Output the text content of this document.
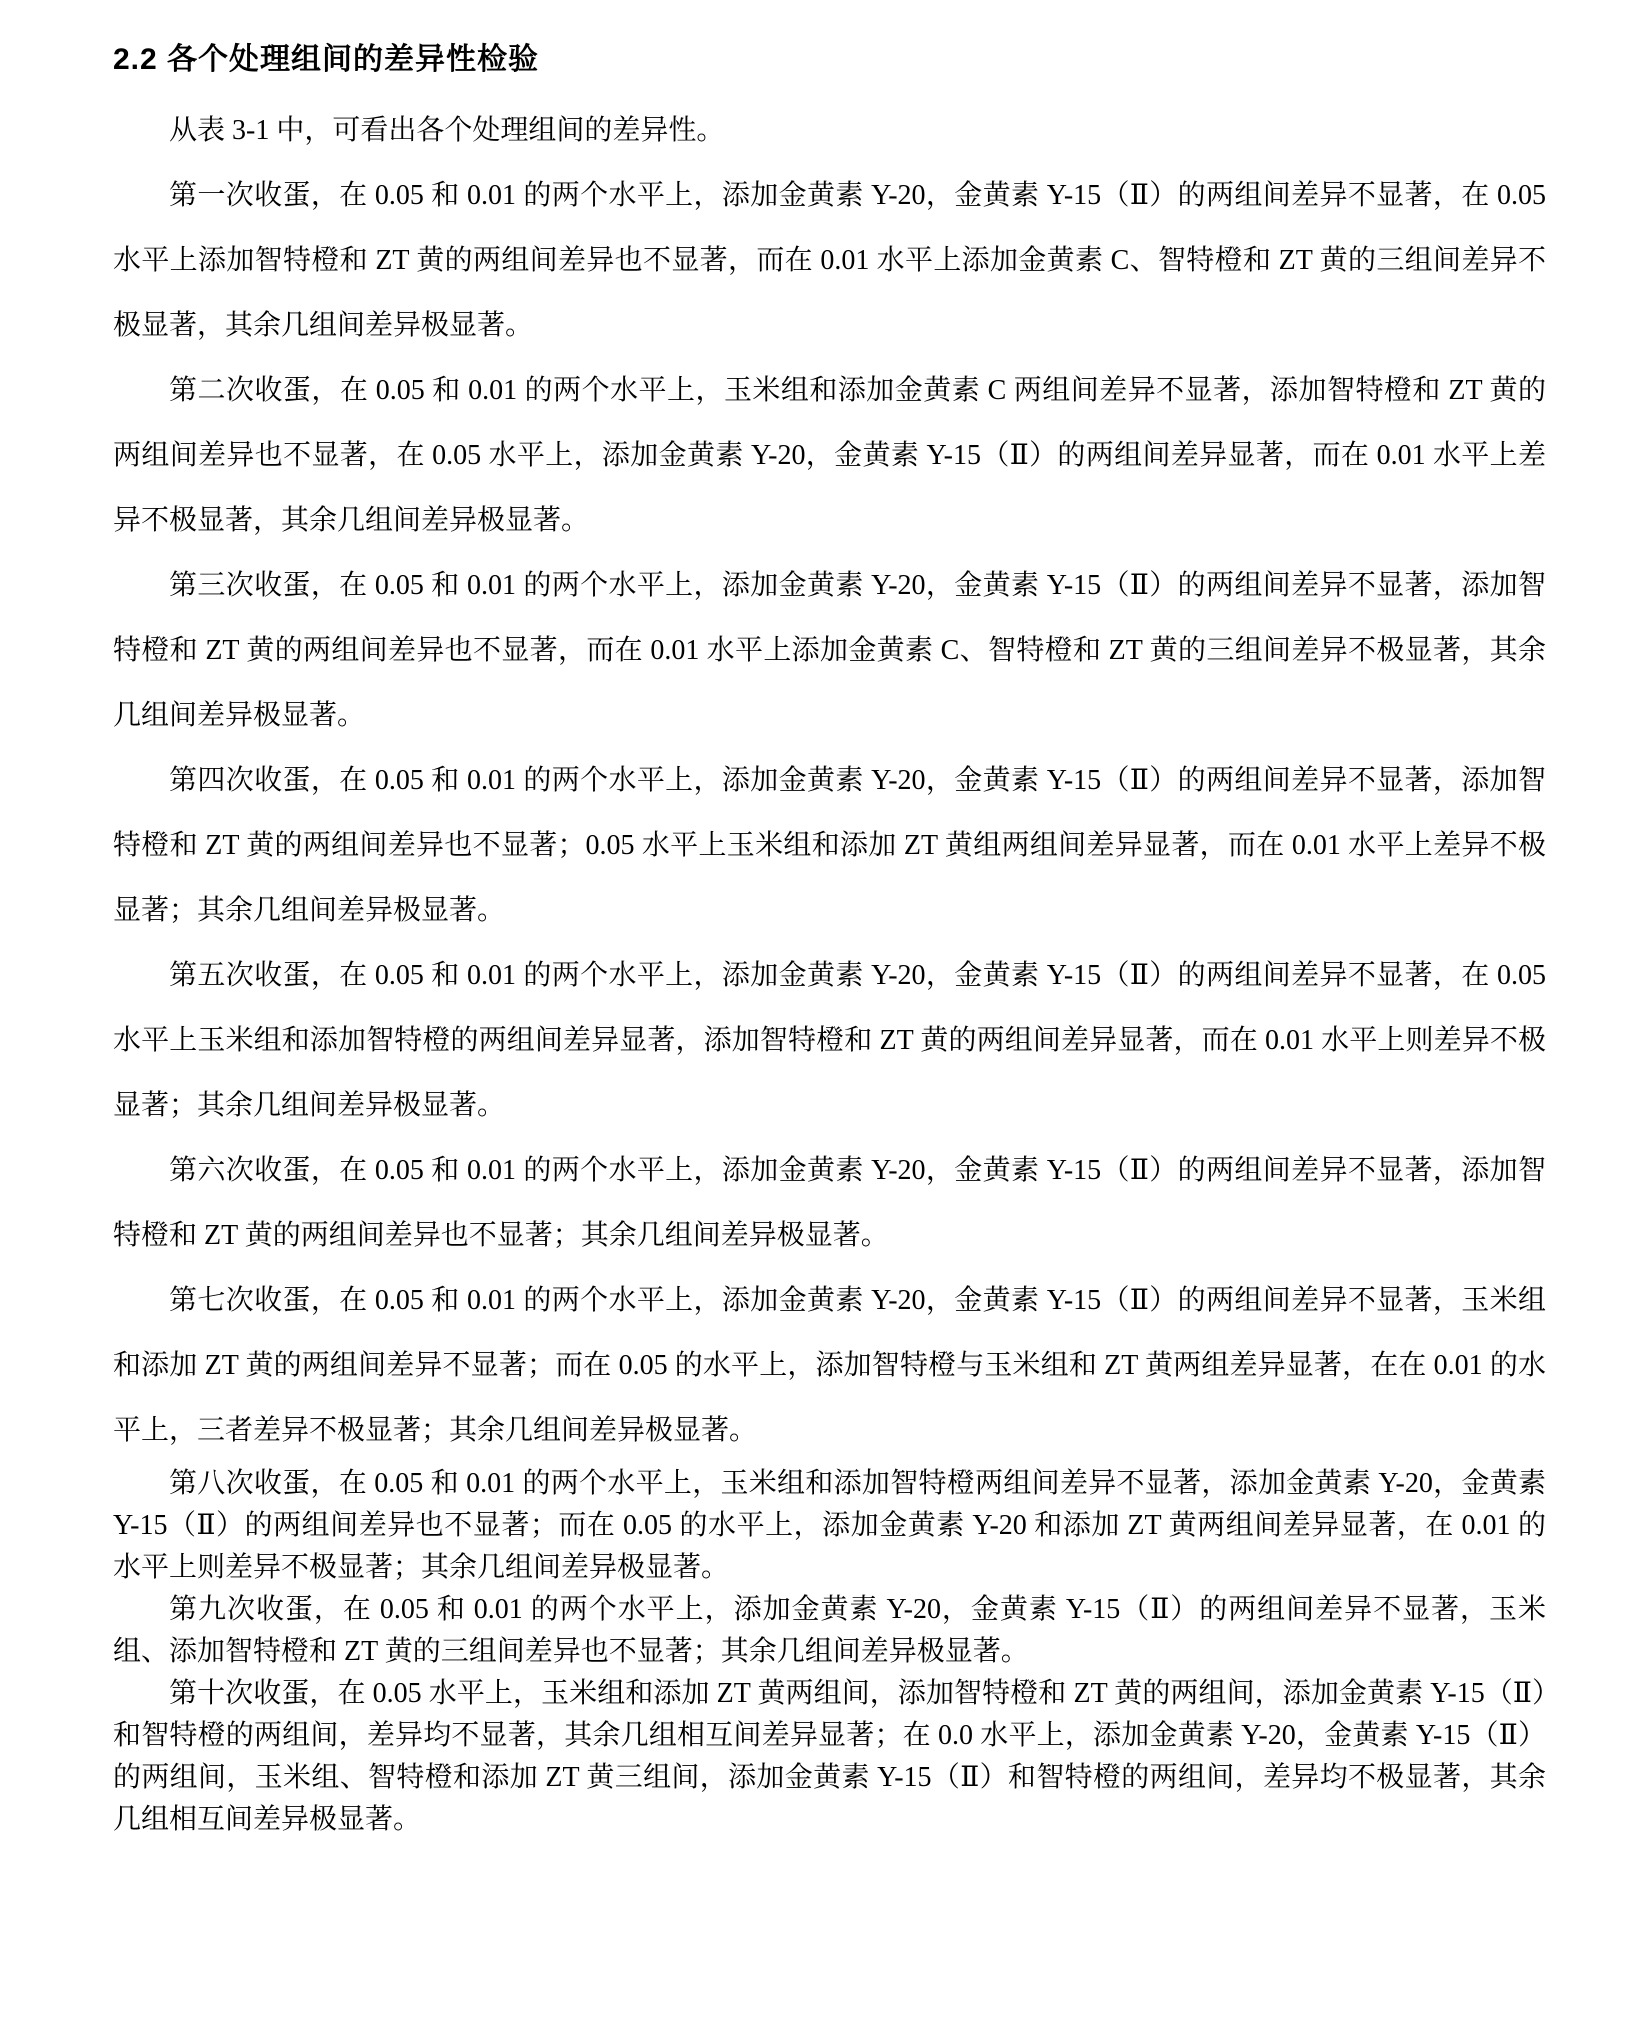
2.2 各个处理组间的差异性检验

从表 3-1 中，可看出各个处理组间的差异性。

第一次收蛋，在 0.05 和 0.01 的两个水平上，添加金黄素 Y-20，金黄素 Y-15（Ⅱ）的两组间差异不显著，在 0.05 水平上添加智特橙和 ZT 黄的两组间差异也不显著，而在 0.01 水平上添加金黄素 C、智特橙和 ZT 黄的三组间差异不极显著，其余几组间差异极显著。

第二次收蛋，在 0.05 和 0.01 的两个水平上，玉米组和添加金黄素 C 两组间差异不显著，添加智特橙和 ZT 黄的两组间差异也不显著，在 0.05 水平上，添加金黄素 Y-20，金黄素 Y-15（Ⅱ）的两组间差异显著，而在 0.01 水平上差异不极显著，其余几组间差异极显著。

第三次收蛋，在 0.05 和 0.01 的两个水平上，添加金黄素 Y-20，金黄素 Y-15（Ⅱ）的两组间差异不显著，添加智特橙和 ZT 黄的两组间差异也不显著，而在 0.01 水平上添加金黄素 C、智特橙和 ZT 黄的三组间差异不极显著，其余几组间差异极显著。

第四次收蛋，在 0.05 和 0.01 的两个水平上，添加金黄素 Y-20，金黄素 Y-15（Ⅱ）的两组间差异不显著，添加智特橙和 ZT 黄的两组间差异也不显著；0.05 水平上玉米组和添加 ZT 黄组两组间差异显著，而在 0.01 水平上差异不极显著；其余几组间差异极显著。

第五次收蛋，在 0.05 和 0.01 的两个水平上，添加金黄素 Y-20，金黄素 Y-15（Ⅱ）的两组间差异不显著，在 0.05 水平上玉米组和添加智特橙的两组间差异显著，添加智特橙和 ZT 黄的两组间差异显著，而在 0.01 水平上则差异不极显著；其余几组间差异极显著。

第六次收蛋，在 0.05 和 0.01 的两个水平上，添加金黄素 Y-20，金黄素 Y-15（Ⅱ）的两组间差异不显著，添加智特橙和 ZT 黄的两组间差异也不显著；其余几组间差异极显著。

第七次收蛋，在 0.05 和 0.01 的两个水平上，添加金黄素 Y-20，金黄素 Y-15（Ⅱ）的两组间差异不显著，玉米组和添加 ZT 黄的两组间差异不显著；而在 0.05 的水平上，添加智特橙与玉米组和 ZT 黄两组差异显著，在在 0.01 的水平上，三者差异不极显著；其余几组间差异极显著。

第八次收蛋，在 0.05 和 0.01 的两个水平上，玉米组和添加智特橙两组间差异不显著，添加金黄素 Y-20，金黄素 Y-15（Ⅱ）的两组间差异也不显著；而在 0.05 的水平上，添加金黄素 Y-20 和添加 ZT 黄两组间差异显著，在 0.01 的水平上则差异不极显著；其余几组间差异极显著。

第九次收蛋，在 0.05 和 0.01 的两个水平上，添加金黄素 Y-20，金黄素 Y-15（Ⅱ）的两组间差异不显著，玉米组、添加智特橙和 ZT 黄的三组间差异也不显著；其余几组间差异极显著。

第十次收蛋，在 0.05 水平上，玉米组和添加 ZT 黄两组间，添加智特橙和 ZT 黄的两组间，添加金黄素 Y-15（Ⅱ）和智特橙的两组间，差异均不显著，其余几组相互间差异显著；在 0.0 水平上，添加金黄素 Y-20，金黄素 Y-15（Ⅱ）的两组间，玉米组、智特橙和添加 ZT 黄三组间，添加金黄素 Y-15（Ⅱ）和智特橙的两组间，差异均不极显著，其余几组相互间差异极显著。
